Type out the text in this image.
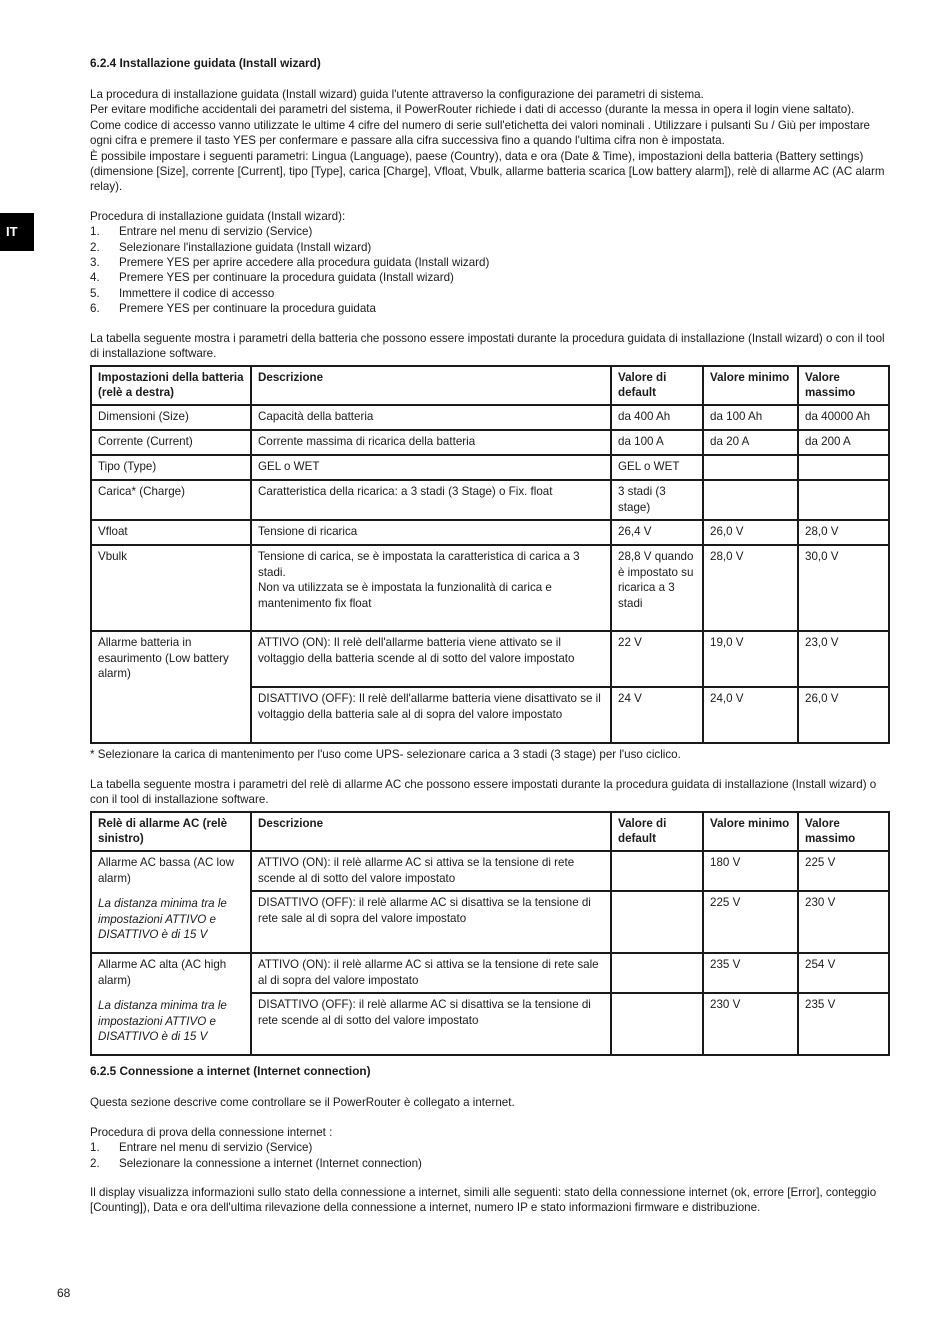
IT
6.2.4 Installazione guidata (Install wizard)

La procedura di installazione guidata (Install wizard) guida l'utente attraverso la configurazione dei parametri di sistema.

Per evitare modifiche accidentali dei parametri del sistema, il PowerRouter richiede i dati di accesso (durante la messa in opera il login viene saltato).

Come codice di accesso vanno utilizzate le ultime 4 cifre del numero di serie sull'etichetta dei valori nominali . Utilizzare i pulsanti Su / Giù per impostare ogni cifra e premere il tasto YES per confermare e passare alla cifra successiva fino a quando l'ultima cifra non è impostata.

È possibile impostare i seguenti parametri: Lingua (Language), paese (Country), data e ora (Date & Time), impostazioni della batteria (Battery settings) (dimensione [Size], corrente [Current], tipo [Type], carica [Charge], Vfloat, Vbulk, allarme batteria scarica [Low battery alarm]), relè di allarme AC (AC alarm relay).

Procedura di installazione guidata (Install wizard):

1.	Entrare nel menu di servizio (Service)
2.	Selezionare l'installazione guidata (Install wizard)
3.	Premere YES per aprire accedere alla procedura guidata (Install wizard)
4.	Premere YES per continuare la procedura guidata (Install wizard)
5.	Immettere il codice di accesso
6.	Premere YES per continuare la procedura guidata

La tabella seguente mostra i parametri della batteria che possono essere impostati durante la procedura guidata di installazione (Install wizard) o con il tool di installazione software.

Impostazioni della batteria (relè a destra)	Descrizione	Valore di default	Valore minimo	Valore massimo
Dimensioni (Size)	Capacità della batteria	da 400 Ah	da 100 Ah	da 40000 Ah
Corrente (Current)	Corrente massima di ricarica della batteria	da 100 A	da 20 A	da 200 A
Tipo (Type)	GEL o WET	GEL o WET		
Carica* (Charge)	Caratteristica della ricarica: a 3 stadi (3 Stage) o Fix. float	3 stadi (3 stage)		
Vfloat	Tensione di ricarica	26,4 V	26,0 V	28,0 V
Vbulk	Tensione di carica, se è impostata la caratteristica di carica a 3 stadi.
Non va utilizzata se è impostata la funzionalità di carica e mantenimento fix float	28,8 V quando è impostato su ricarica a 3 stadi	28,0 V	30,0 V
Allarme batteria in esaurimento (Low battery alarm)	ATTIVO (ON): Il relè dell'allarme batteria viene attivato se il voltaggio della batteria scende al di sotto del valore impostato	22 V	19,0 V	23,0 V
	DISATTIVO (OFF): Il relè dell'allarme batteria viene disattivato se il voltaggio della batteria sale al di sopra del valore impostato	24 V	24,0 V	26,0 V

* Selezionare la carica di mantenimento per l'uso come UPS- selezionare carica a 3 stadi (3 stage) per l'uso ciclico.

La tabella seguente mostra i parametri del relè di allarme AC che possono essere impostati durante la procedura guidata di installazione (Install wizard) o con il tool di installazione software.

Relè di allarme AC (relè sinistro)	Descrizione	Valore di default	Valore minimo	Valore massimo

Allarme AC bassa (AC low alarm)
La distanza minima tra le impostazioni ATTIVO e DISATTIVO è di 15 V	ATTIVO (ON): il relè allarme AC si attiva se la tensione di rete scende al di sotto del valore impostato		180 V	225 V
	DISATTIVO (OFF): il relè allarme AC si disattiva se la tensione di rete sale al di sopra del valore impostato		225 V	230 V

Allarme AC alta (AC high alarm)
La distanza minima tra le impostazioni ATTIVO e DISATTIVO è di 15 V	ATTIVO (ON): il relè allarme AC si attiva se la tensione di rete sale al di sopra del valore impostato		235 V	254 V
	DISATTIVO (OFF): il relè allarme AC si disattiva se la tensione di rete scende al di sotto del valore impostato		230 V	235 V
6.2.5 Connessione a internet (Internet connection)

Questa sezione descrive come controllare se il PowerRouter è collegato a internet.

Procedura di prova della connessione internet :

1.	Entrare nel menu di servizio (Service)
2.	Selezionare la connessione a internet (Internet connection)

Il display visualizza informazioni sullo stato della connessione a internet, simili alle seguenti: stato della connessione internet (ok, errore [Error], conteggio [Counting]), Data e ora dell'ultima rilevazione della connessione a internet, numero IP e stato informazioni firmware e distribuzione.

68
